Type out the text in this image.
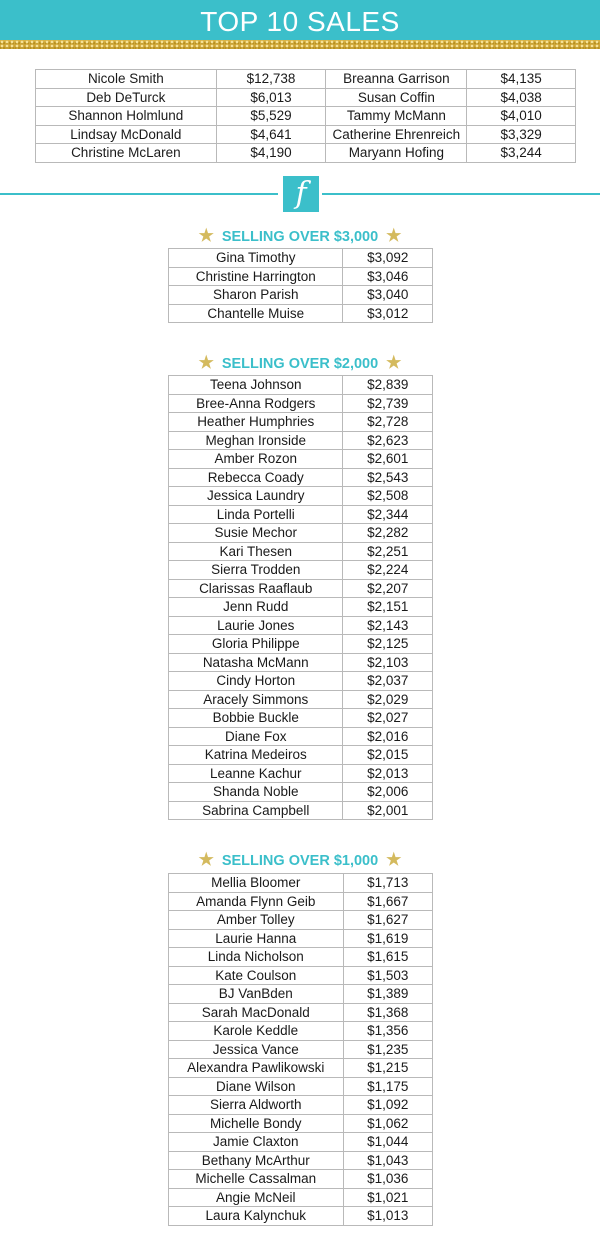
TOP 10 SALES
Nicole Smith	$12,738	Breanna Garrison	$4,135
Deb DeTurck	$6,013	Susan Coffin	$4,038
Shannon Holmlund	$5,529	Tammy McMann	$4,010
Lindsay McDonald	$4,641	Catherine Ehrenreich	$3,329
Christine McLaren	$4,190	Maryann Hofing	$3,244
f
★ SELLING OVER $3,000 ★
Gina Timothy	$3,092
Christine Harrington	$3,046
Sharon Parish	$3,040
Chantelle Muise	$3,012
★ SELLING OVER $2,000 ★
Teena Johnson	$2,839
Bree-Anna Rodgers	$2,739
Heather Humphries	$2,728
Meghan Ironside	$2,623
Amber Rozon	$2,601
Rebecca Coady	$2,543
Jessica Laundry	$2,508
Linda Portelli	$2,344
Susie Mechor	$2,282
Kari Thesen	$2,251
Sierra Trodden	$2,224
Clarissas Raaflaub	$2,207
Jenn Rudd	$2,151
Laurie Jones	$2,143
Gloria Philippe	$2,125
Natasha McMann	$2,103
Cindy Horton	$2,037
Aracely Simmons	$2,029
Bobbie Buckle	$2,027
Diane Fox	$2,016
Katrina Medeiros	$2,015
Leanne Kachur	$2,013
Shanda Noble	$2,006
Sabrina Campbell	$2,001
★ SELLING OVER $1,000 ★
Mellia Bloomer	$1,713
Amanda Flynn Geib	$1,667
Amber Tolley	$1,627
Laurie Hanna	$1,619
Linda Nicholson	$1,615
Kate Coulson	$1,503
BJ VanBden	$1,389
Sarah MacDonald	$1,368
Karole Keddle	$1,356
Jessica Vance	$1,235
Alexandra Pawlikowski	$1,215
Diane Wilson	$1,175
Sierra Aldworth	$1,092
Michelle Bondy	$1,062
Jamie Claxton	$1,044
Bethany McArthur	$1,043
Michelle Cassalman	$1,036
Angie McNeil	$1,021
Laura Kalynchuk	$1,013
